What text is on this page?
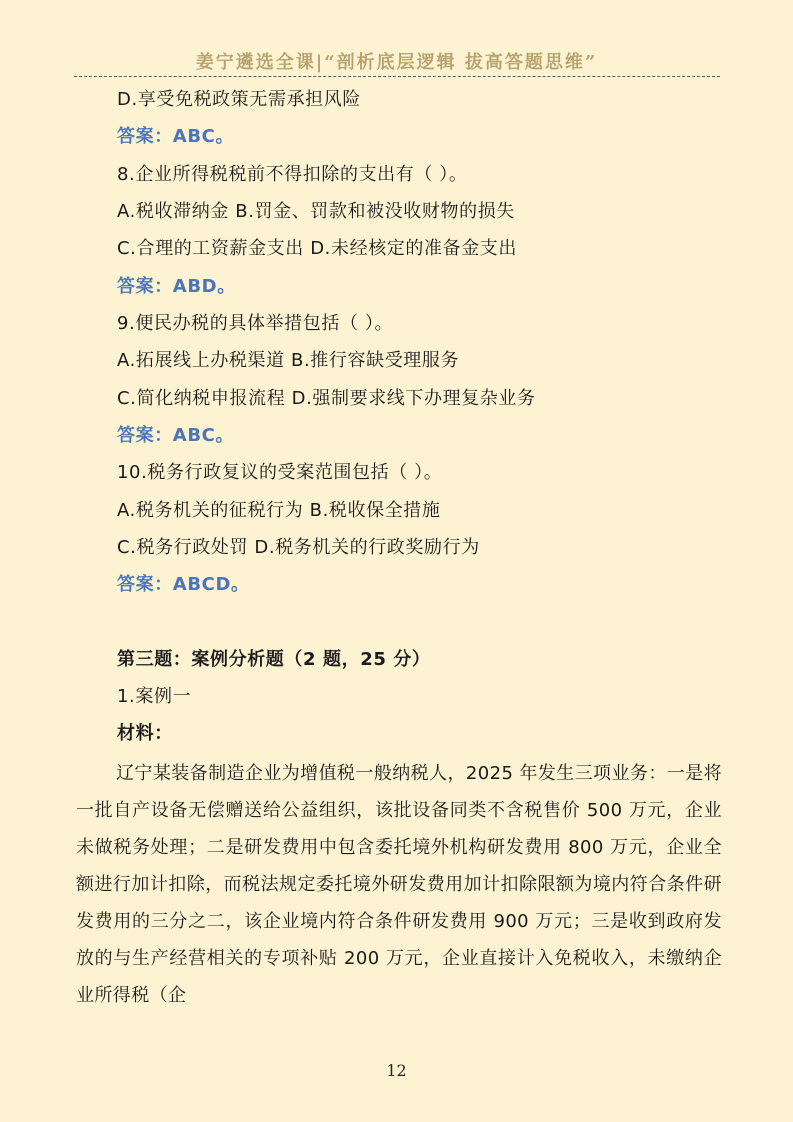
姜宁遴选全课|“剖析底层逻辑 拔高答题思维”
D.享受免税政策无需承担风险
答案：ABC。
8.企业所得税税前不得扣除的支出有（ ）。
A.税收滞纳金 B.罚金、罚款和被没收财物的损失
C.合理的工资薪金支出 D.未经核定的准备金支出
答案：ABD。
9.便民办税的具体举措包括（ ）。
A.拓展线上办税渠道 B.推行容缺受理服务
C.简化纳税申报流程 D.强制要求线下办理复杂业务
答案：ABC。
10.税务行政复议的受案范围包括（ ）。
A.税务机关的征税行为 B.税收保全措施
C.税务行政处罚 D.税务机关的行政奖励行为
答案：ABCD。
第三题：案例分析题（2 题，25 分）
1.案例一
材料：
辽宁某装备制造企业为增值税一般纳税人，2025 年发生三项业务：一是将一批自产设备无偿赠送给公益组织，该批设备同类不含税售价 500 万元，企业未做税务处理；二是研发费用中包含委托境外机构研发费用 800 万元，企业全额进行加计扣除，而税法规定委托境外研发费用加计扣除限额为境内符合条件研发费用的三分之二，该企业境内符合条件研发费用 900 万元；三是收到政府发放的与生产经营相关的专项补贴 200 万元，企业直接计入免税收入，未缴纳企业所得税（企
12
